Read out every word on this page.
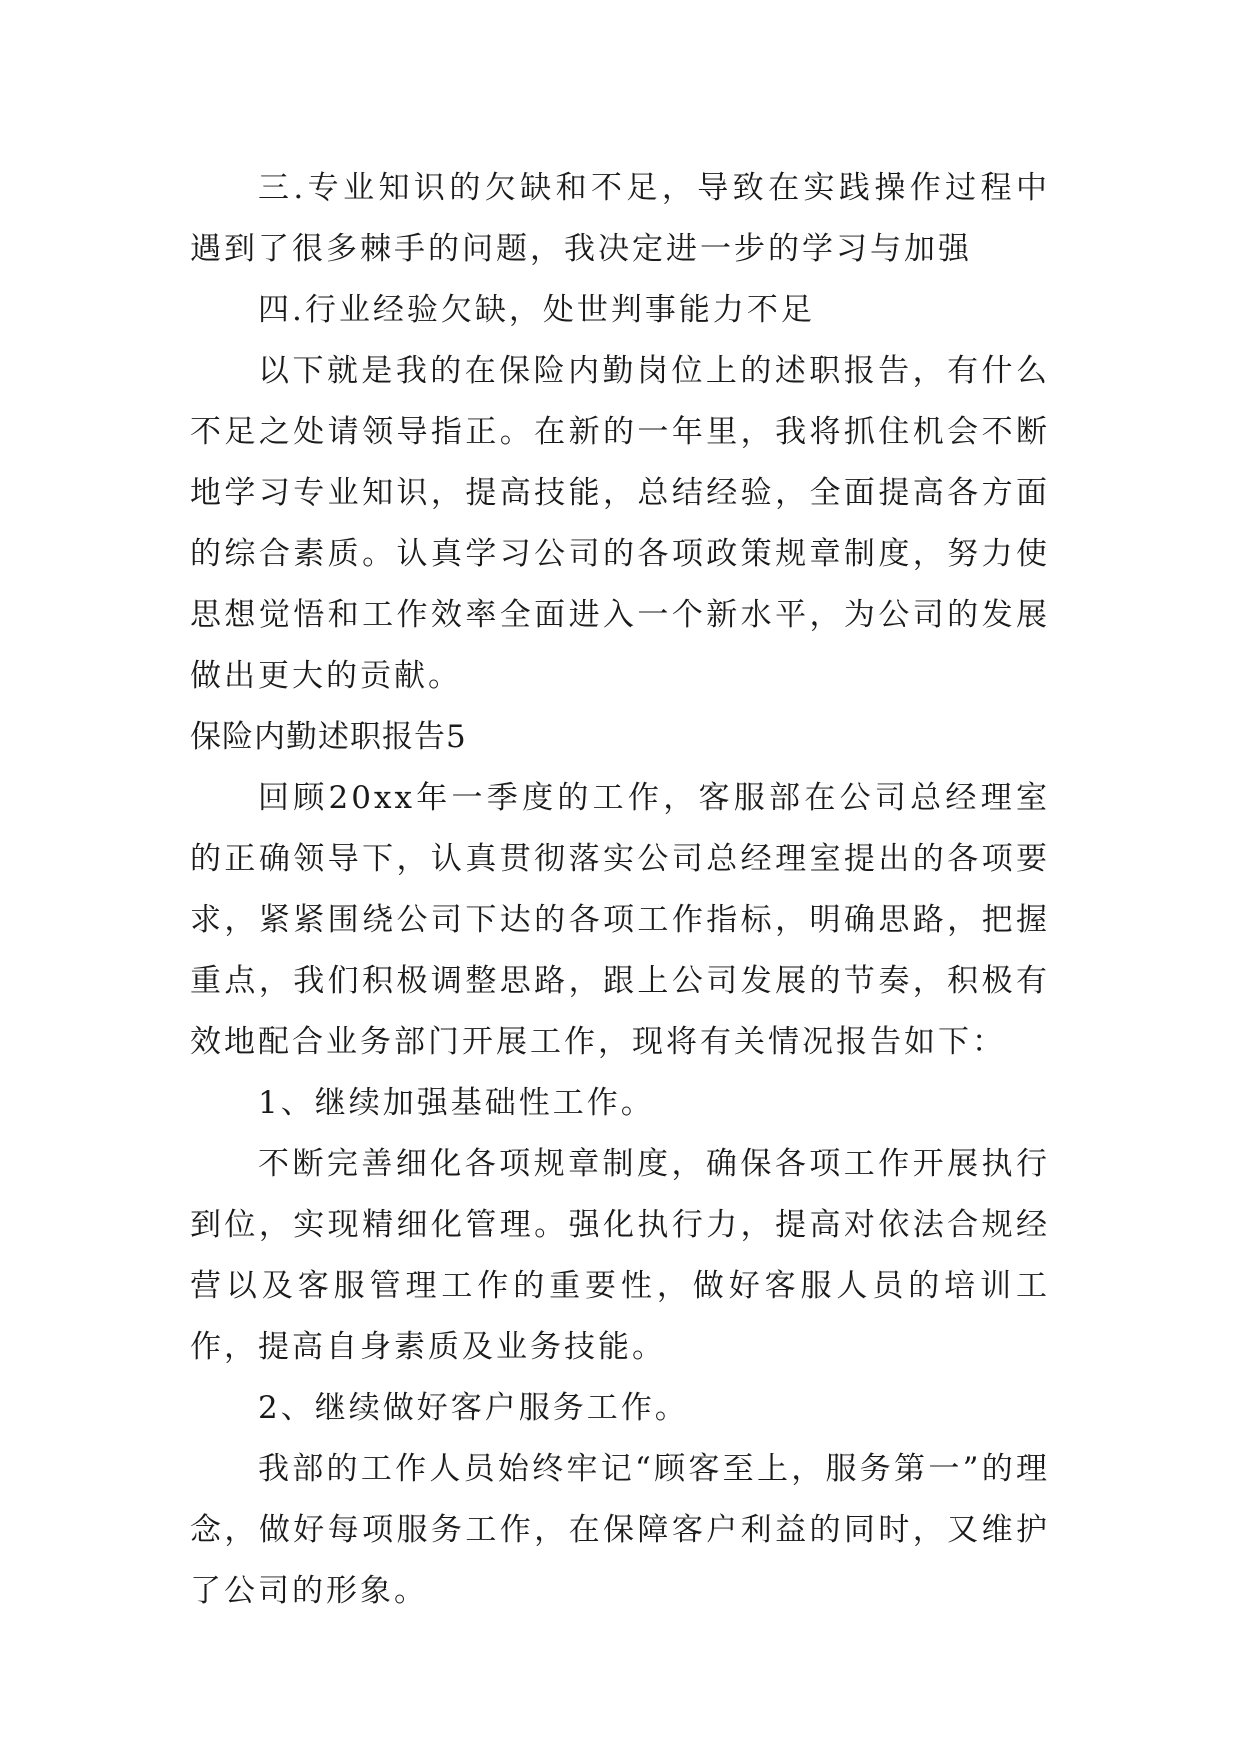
三.专业知识的欠缺和不足，导致在实践操作过程中遇到了很多棘手的问题，我决定进一步的学习与加强

四.行业经验欠缺，处世判事能力不足

以下就是我的在保险内勤岗位上的述职报告，有什么不足之处请领导指正。在新的一年里，我将抓住机会不断地学习专业知识，提高技能，总结经验，全面提高各方面的综合素质。认真学习公司的各项政策规章制度，努力使思想觉悟和工作效率全面进入一个新水平，为公司的发展做出更大的贡献。

保险内勤述职报告5

回顾20xx年一季度的工作，客服部在公司总经理室的正确领导下，认真贯彻落实公司总经理室提出的各项要求，紧紧围绕公司下达的各项工作指标，明确思路，把握重点，我们积极调整思路，跟上公司发展的节奏，积极有效地配合业务部门开展工作，现将有关情况报告如下：

1、继续加强基础性工作。

不断完善细化各项规章制度，确保各项工作开展执行到位，实现精细化管理。强化执行力，提高对依法合规经营以及客服管理工作的重要性，做好客服人员的培训工作，提高自身素质及业务技能。

2、继续做好客户服务工作。

我部的工作人员始终牢记“顾客至上，服务第一”的理念，做好每项服务工作，在保障客户利益的同时，又维护了公司的形象。
